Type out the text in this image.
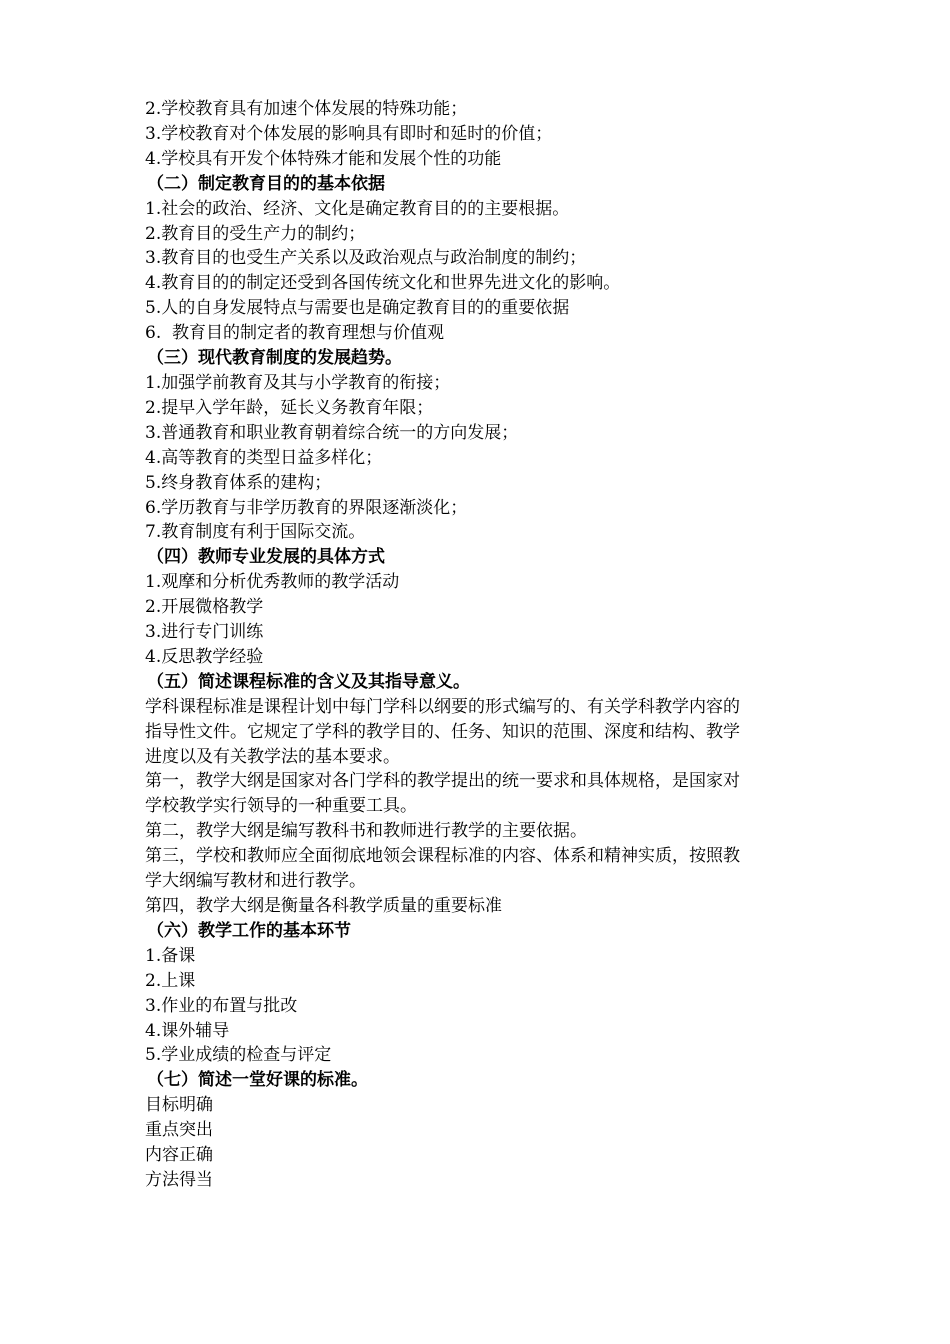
2.学校教育具有加速个体发展的特殊功能；
3.学校教育对个体发展的影响具有即时和延时的价值；
4.学校具有开发个体特殊才能和发展个性的功能
（二）制定教育目的的基本依据
1.社会的政治、经济、文化是确定教育目的的主要根据。
2.教育目的受生产力的制约；
3.教育目的也受生产关系以及政治观点与政治制度的制约；
4.教育目的的制定还受到各国传统文化和世界先进文化的影响。
5.人的自身发展特点与需要也是确定教育目的的重要依据
6.  教育目的制定者的教育理想与价值观
（三）现代教育制度的发展趋势。
1.加强学前教育及其与小学教育的衔接；
2.提早入学年龄，延长义务教育年限；
3.普通教育和职业教育朝着综合统一的方向发展；
4.高等教育的类型日益多样化；
5.终身教育体系的建构；
6.学历教育与非学历教育的界限逐渐淡化；
7.教育制度有利于国际交流。
（四）教师专业发展的具体方式
1.观摩和分析优秀教师的教学活动
2.开展微格教学
3.进行专门训练
4.反思教学经验
（五）简述课程标准的含义及其指导意义。
学科课程标准是课程计划中每门学科以纲要的形式编写的、有关学科教学内容的
指导性文件。它规定了学科的教学目的、任务、知识的范围、深度和结构、教学
进度以及有关教学法的基本要求。
第一，教学大纲是国家对各门学科的教学提出的统一要求和具体规格，是国家对
学校教学实行领导的一种重要工具。
第二，教学大纲是编写教科书和教师进行教学的主要依据。
第三，学校和教师应全面彻底地领会课程标准的内容、体系和精神实质，按照教
学大纲编写教材和进行教学。
第四，教学大纲是衡量各科教学质量的重要标准
（六）教学工作的基本环节
1.备课
2.上课
3.作业的布置与批改
4.课外辅导
5.学业成绩的检查与评定
（七）简述一堂好课的标准。
目标明确
重点突出
内容正确
方法得当
